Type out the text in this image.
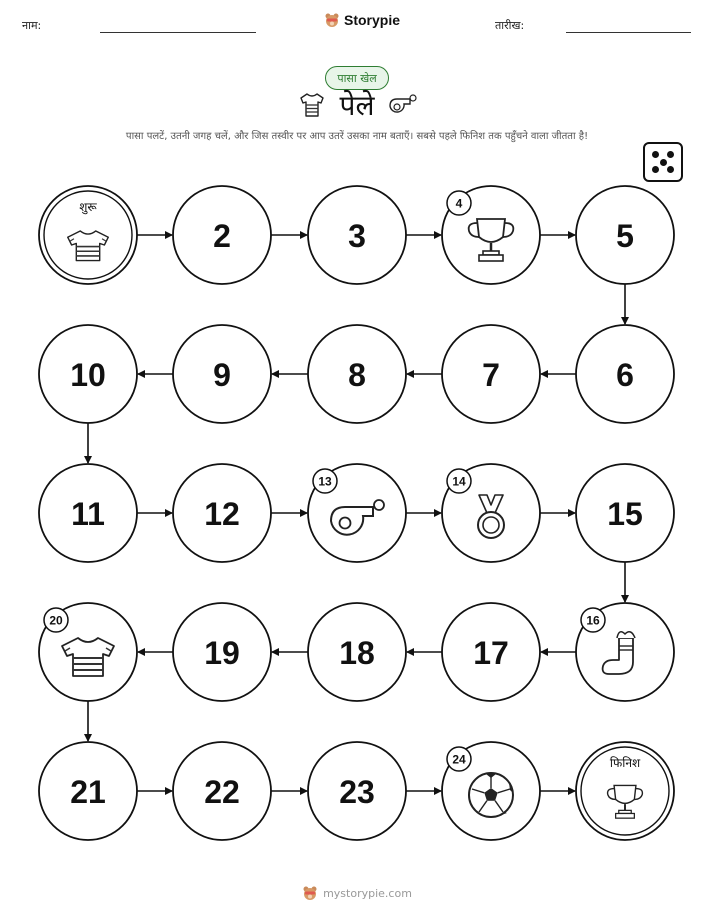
नाम:	Storypie	तारीख:
पासा खेल
पेले
पासा पलटें, उतनी जगह चलें, और जिस तस्वीर पर आप उतरें उसका नाम बताएँ। सबसे पहले फिनिश तक पहुँचने वाला जीतता है!
शुरू
2	3
4
5
6
7
8
9
10
11	12
13	14
15
16
17
18
19
20
21	22	23
24	फिनिश
mystorypie.com
